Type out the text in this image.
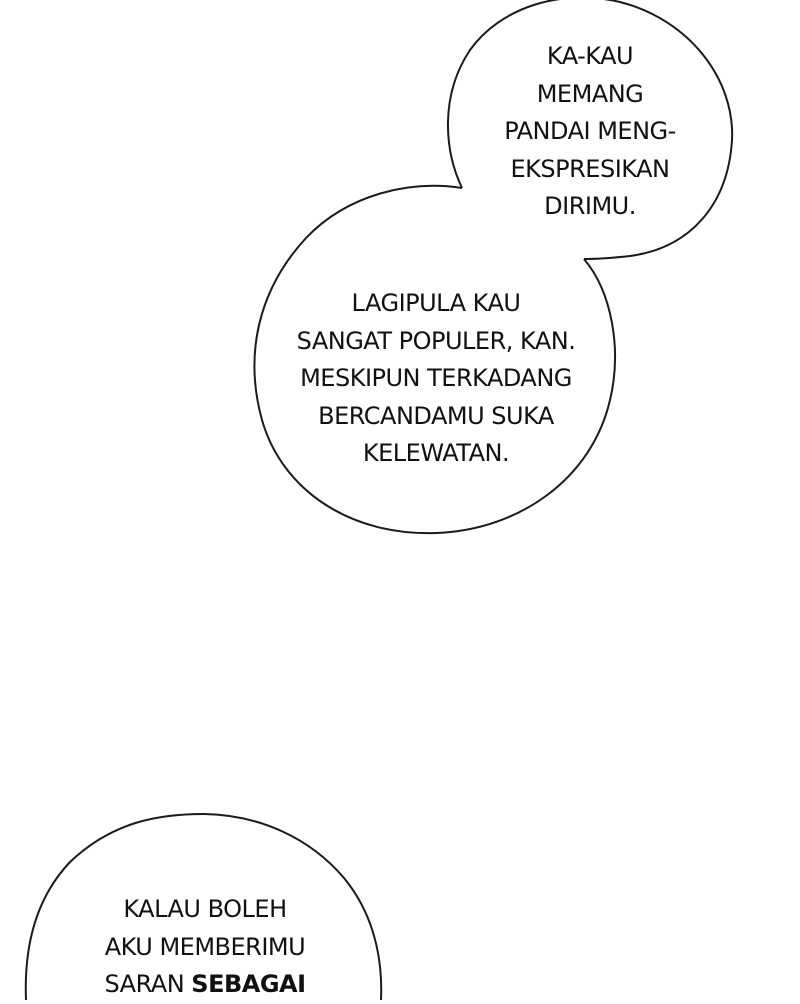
KA-KAU
MEMANG
PANDAI MENG-
EKSPRESIKAN
DIRIMU.
LAGIPULA KAU
SANGAT POPULER, KAN.
MESKIPUN TERKADANG
BERCANDAMU SUKA
KELEWATAN.
KALAU BOLEH
AKU MEMBERIMU
SARAN SEBAGAI
